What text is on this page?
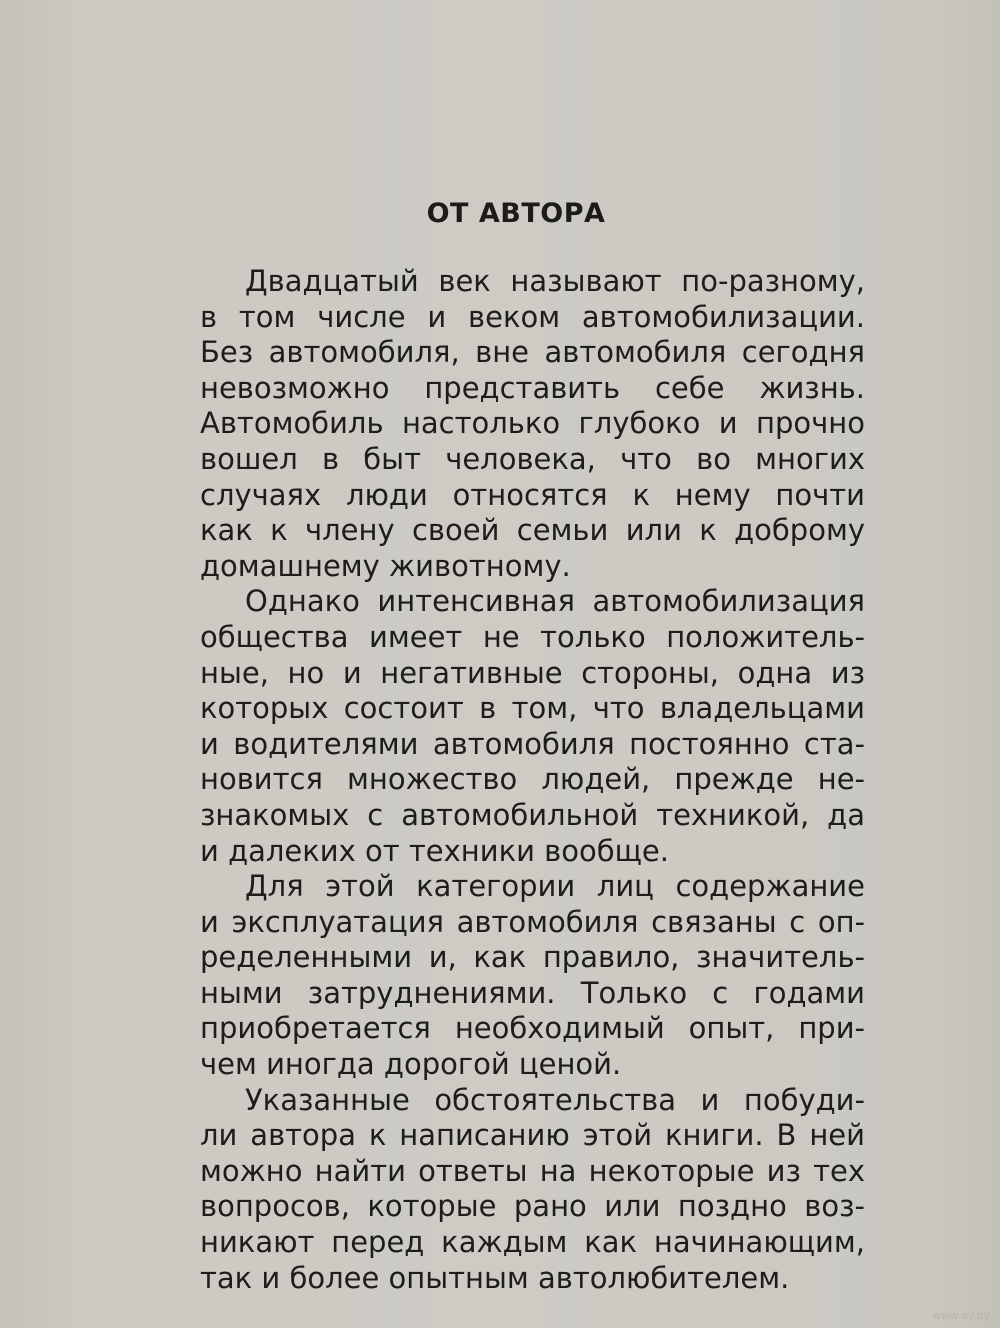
ОТ АВТОРА
Двадцатый век называют по-разному,
в том числе и веком автомобилизации.
Без автомобиля, вне автомобиля сегодня
невозможно представить себе жизнь.
Автомобиль настолько глубоко и прочно
вошел в быт человека, что во многих
случаях люди относятся к нему почти
как к члену своей семьи или к доброму
домашнему животному.
Однако интенсивная автомобилизация
общества имеет не только положитель-
ные, но и негативные стороны, одна из
которых состоит в том, что владельцами
и водителями автомобиля постоянно ста-
новится множество людей, прежде не-
знакомых с автомобильной техникой, да
и далеких от техники вообще.
Для этой категории лиц содержание
и эксплуатация автомобиля связаны с оп-
ределенными и, как правило, значитель-
ными затруднениями. Только с годами
приобретается необходимый опыт, при-
чем иногда дорогой ценой.
Указанные обстоятельства и побуди-
ли автора к написанию этой книги. В ней
можно найти ответы на некоторые из тех
вопросов, которые рано или поздно воз-
никают перед каждым как начинающим,
так и более опытным автолюбителем.
www.ay.by
